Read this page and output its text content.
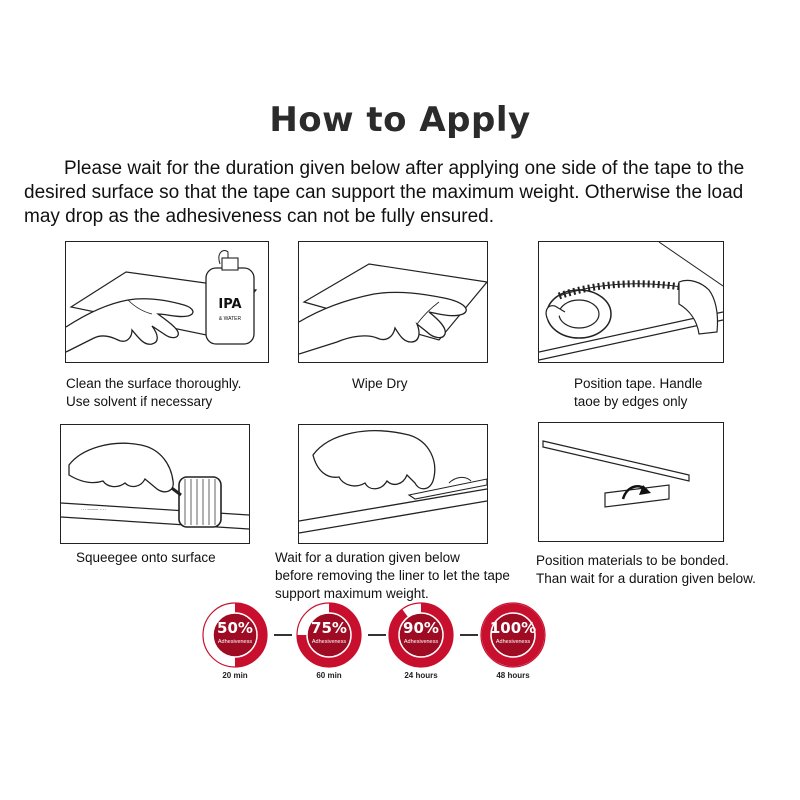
How to Apply
Please wait for the duration given below after applying one side of the tape to the desired surface so that the tape can support the maximum weight. Otherwise the load may drop as the adhesiveness can not be fully ensured.
IPA
& WATER
Clean the surface thoroughly.
Use solvent if necessary
Wipe Dry	Position tape. Handle
taoe by edges only
··· ─── ····
Squeegee onto surface	Wait for a duration given below
before removing the liner to let the tape
support maximum weight.
Position materials to be bonded.
Than wait for a duration given below.
50%
Adhesiveness
20 min
75%
Adhesiveness
60 min
90%
Adhesiveness
24 hours
100%
Adhesiveness
48 hours
